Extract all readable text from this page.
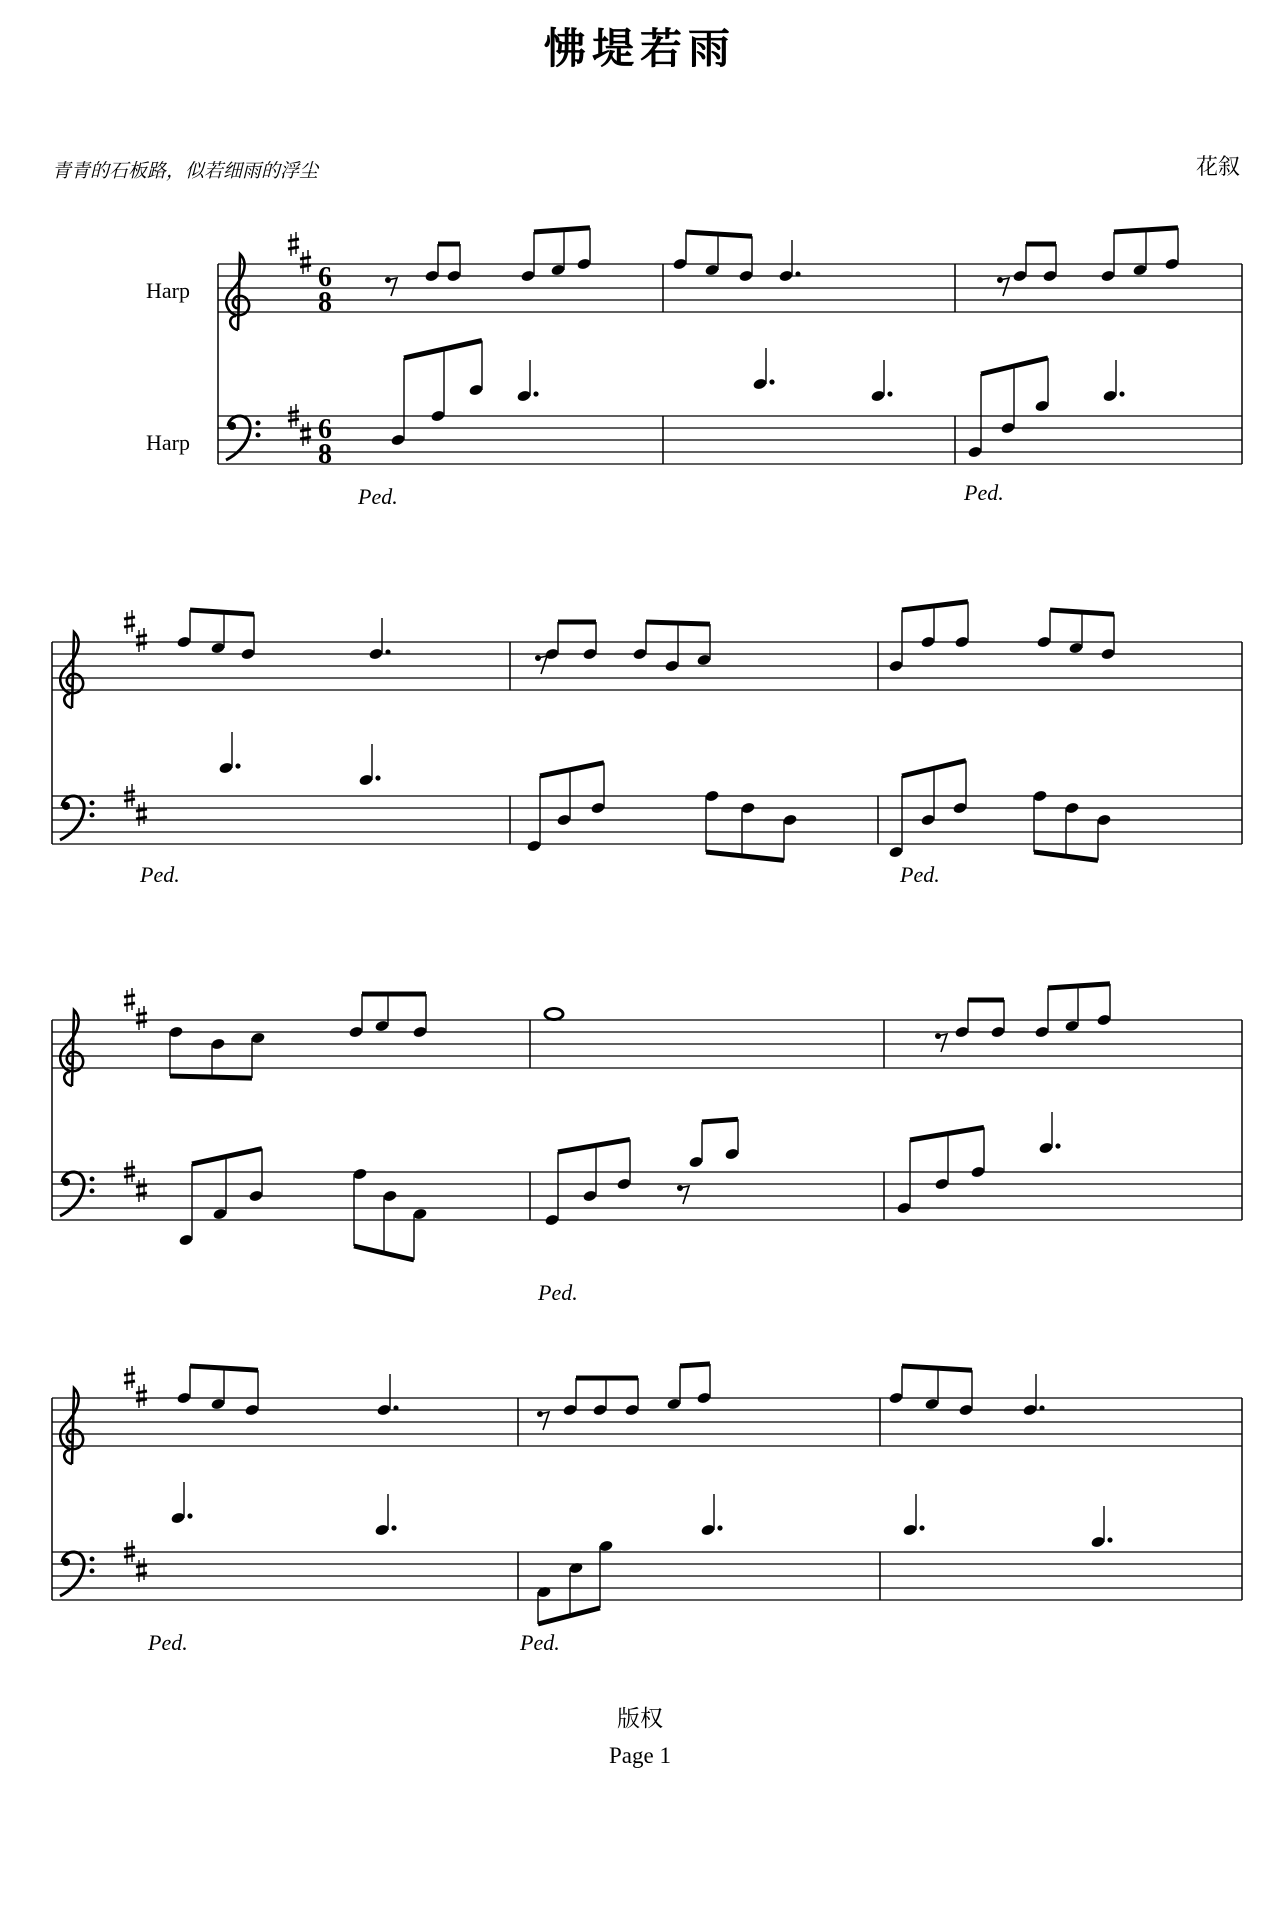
怫堤若雨
青青的石板路，似若细雨的浮尘	花叙
6
8
6
8
Harp
Harp
Ped.	Ped.
Ped.	Ped.
Ped.
Ped.	Ped.
版权
Page 1
